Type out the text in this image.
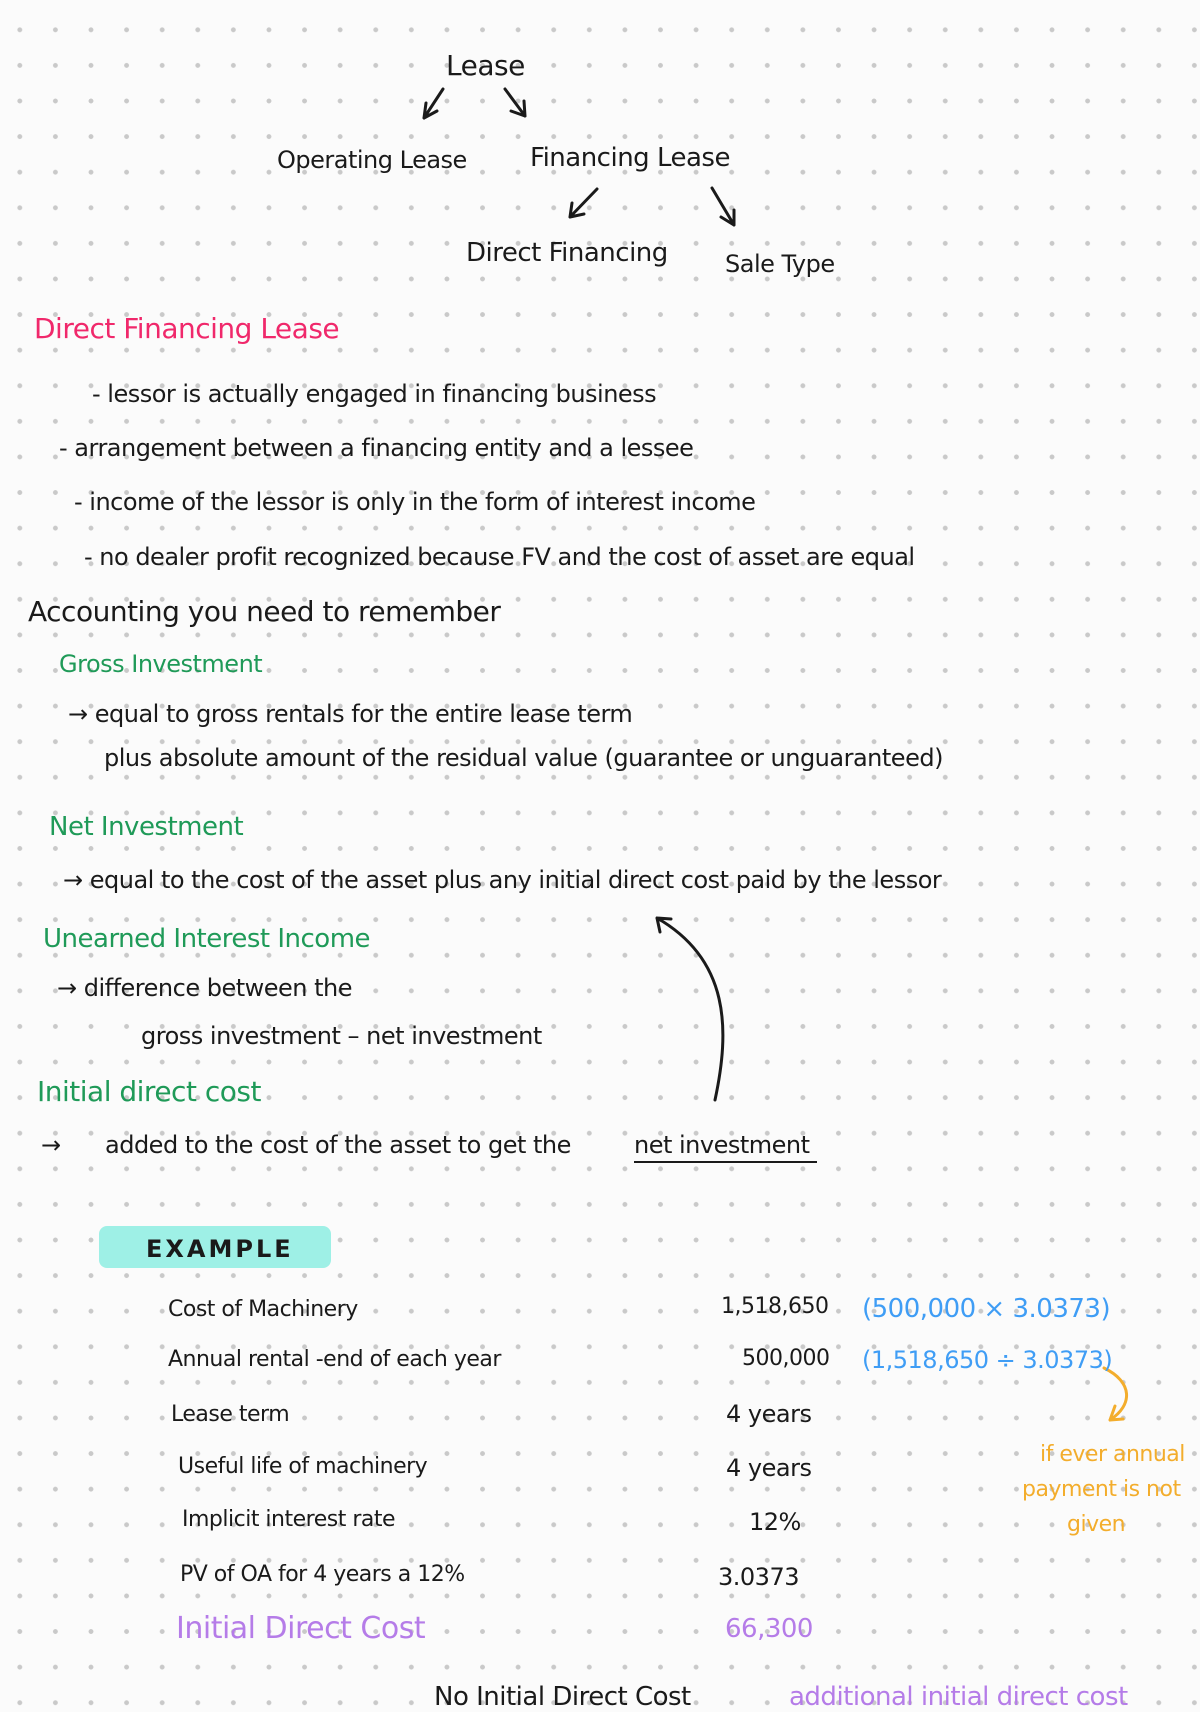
Lease
Operating Lease Financing Lease
Direct Financing Sale Type
Direct Financing Lease
- lessor is actually engaged in financing business
- arrangement between a financing entity and a lessee
- income of the lessor is only in the form of interest income
- no dealer profit recognized because FV and the cost of asset are equal
Accounting you need to remember
Gross Investment
→ equal to gross rentals for the entire lease term
plus absolute amount of the residual value (guarantee or unguaranteed)
Net Investment
→ equal to the cost of the asset plus any initial direct cost paid by the lessor
Unearned Interest Income
→ difference between the
gross investment – net investment
Initial direct cost
→ added to the cost of the asset to get the	net investment
EXAMPLE
Cost of Machinery	1,518,650 (500,000 × 3.0373)
Annual rental -end of each year	500,000 (1,518,650 ÷ 3.0373)
Lease term	4 years
Useful life of machinery	4 years
Implicit interest rate	12%
PV of OA for 4 years a 12%	3.0373
Initial Direct Cost	66,300
if ever annual
payment is not
given
No Initial Direct Cost	additional initial direct cost
